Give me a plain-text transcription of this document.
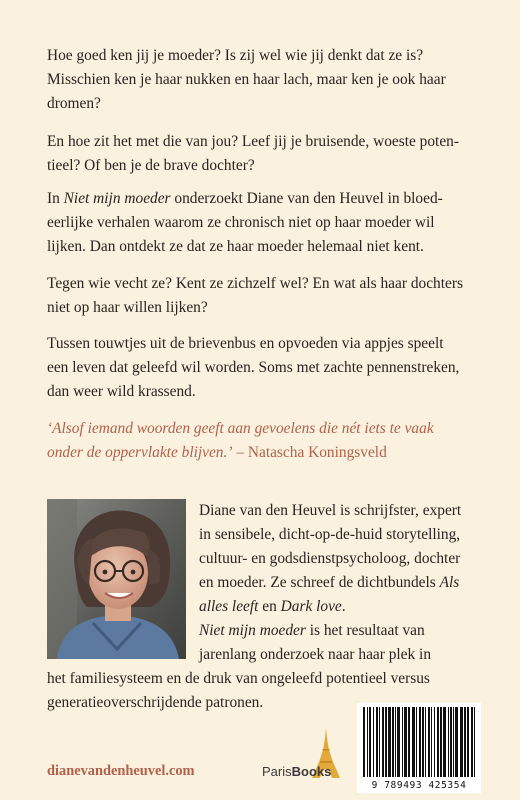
Hoe goed ken jij je moeder? Is zij wel wie jij denkt dat ze is?
Misschien ken je haar nukken en haar lach, maar ken je ook haar
dromen?

En hoe zit het met die van jou? Leef jij je bruisende, woeste poten-
tieel? Of ben je de brave dochter?

In Niet mijn moeder onderzoekt Diane van den Heuvel in bloed-
eerlijke verhalen waarom ze chronisch niet op haar moeder wil
lijken. Dan ontdekt ze dat ze haar moeder helemaal niet kent.

Tegen wie vecht ze? Kent ze zichzelf wel? En wat als haar dochters
niet op haar willen lijken?

Tussen touwtjes uit de brievenbus en opvoeden via appjes speelt
een leven dat geleefd wil worden. Soms met zachte pennenstreken,
dan weer wild krassend.

‘Alsof iemand woorden geeft aan gevoelens die nét iets te vaak
onder de oppervlakte blijven.’ – Natascha Koningsveld

Diane van den Heuvel is schrijfster, expert
in sensibele, dicht-op-de-huid storytelling,
cultuur- en godsdienstpsycholoog, dochter
en moeder. Ze schreef de dichtbundels Als
alles leeft en Dark love.

Niet mijn moeder is het resultaat van
jarenlang onderzoek naar haar plek in

het familiesysteem en de druk van ongeleefd potentieel versus
generatieoverschrijdende patronen.

dianevandenheuvel.com	ParisBooks
9 789493 425354
